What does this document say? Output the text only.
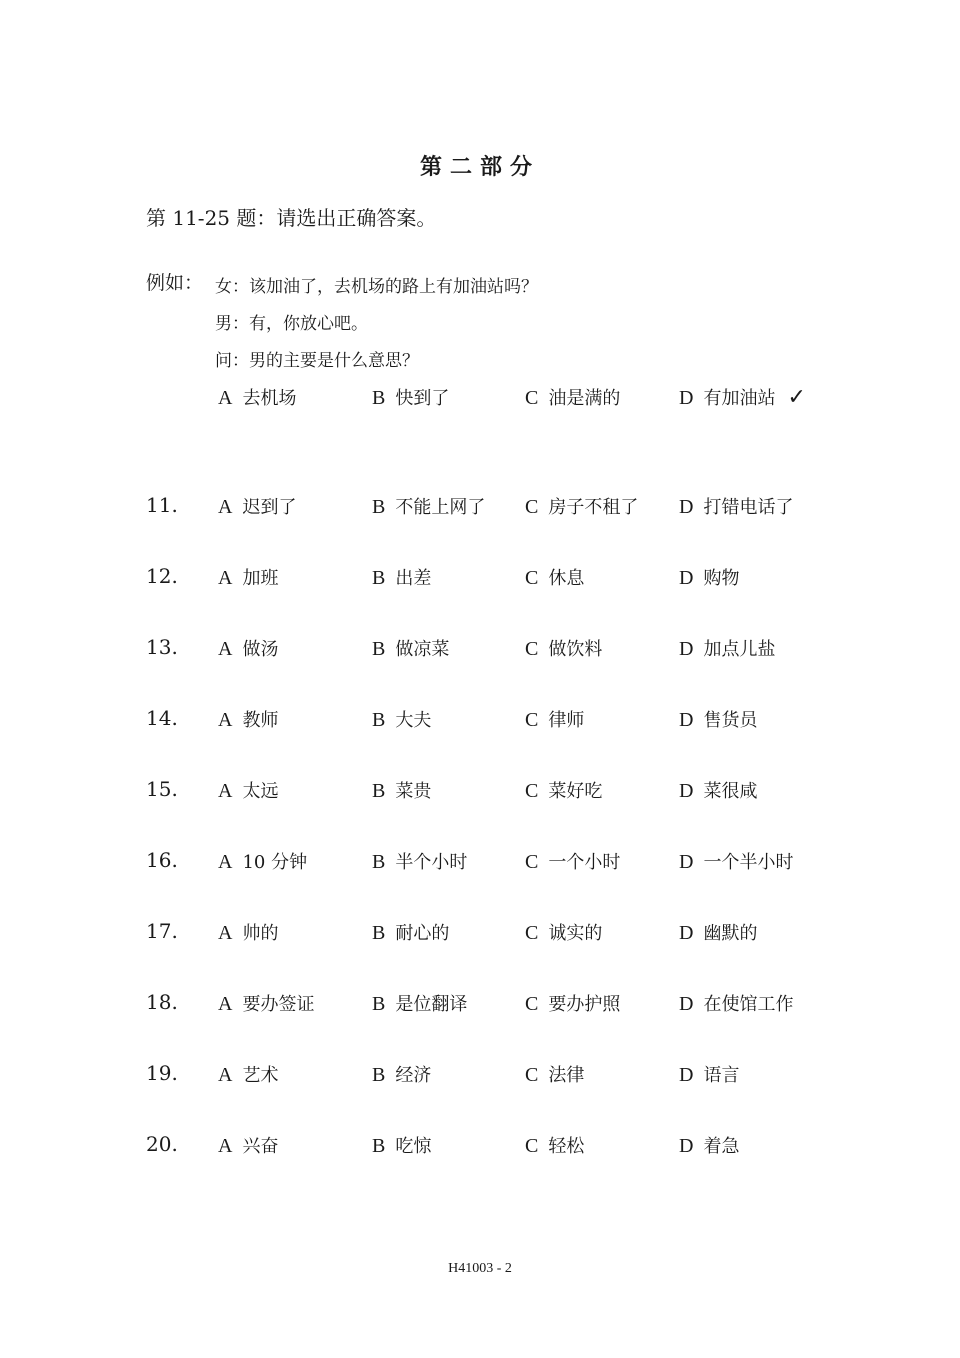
第二部分
第 11-25 题：请选出正确答案。
例如： 女：该加油了，去机场的路上有加油站吗？
男：有，你放心吧。
问：男的主要是什么意思？
A 去机场	B 快到了	C 油是满的	D 有加油站 ✓
11. A 迟到了	B 不能上网了 C 房子不租了 D 打错电话了
12. A 加班	B 出差	C 休息	D 购物
13. A 做汤	B 做凉菜	C 做饮料	D 加点儿盐
14. A 教师	B 大夫	C 律师	D 售货员
15. A 太远	B 菜贵	C 菜好吃	D 菜很咸
16. A 10 分钟	B 半个小时	C 一个小时	D 一个半小时
17. A 帅的	B 耐心的	C 诚实的	D 幽默的
18. A 要办签证	B 是位翻译	C 要办护照	D 在使馆工作
19. A 艺术	B 经济	C 法律	D 语言
20. A 兴奋	B 吃惊	C 轻松	D 着急
H41003 - 2
